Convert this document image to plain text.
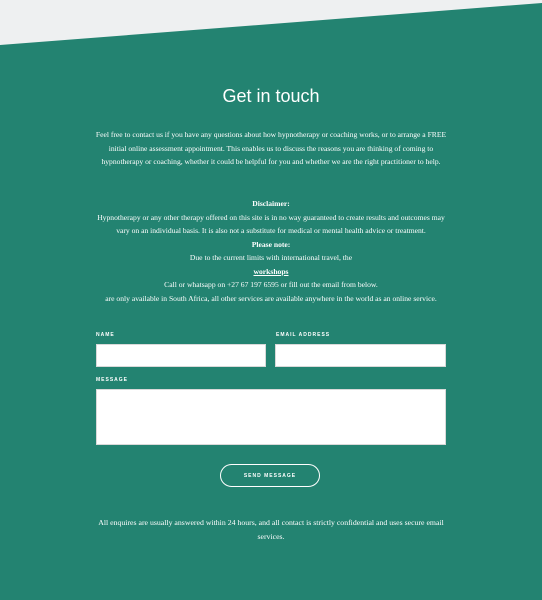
Get in touch

Feel free to contact us if you have any questions about how hypnotherapy or coaching works, or to arrange a FREE initial online assessment appointment. This enables us to discuss the reasons you are thinking of coming to hypnotherapy or coaching, whether it could be helpful for you and whether we are the right practitioner to help.

Disclaimer:
Hypnotherapy or any other therapy offered on this site is in no way guaranteed to create results and outcomes may vary on an individual basis. It is also not a substitute for medical or mental health advice or treatment.
Please note:
Due to the current limits with international travel, the
workshops
Call or whatsapp on +27 67 197 6595 or fill out the email from below.
are only available in South Africa, all other services are available anywhere in the world as an online service.
NAME	EMAIL ADDRESS
MESSAGE
SEND MESSAGE

All enquires are usually answered within 24 hours, and all contact is strictly confidential and uses secure email services.
